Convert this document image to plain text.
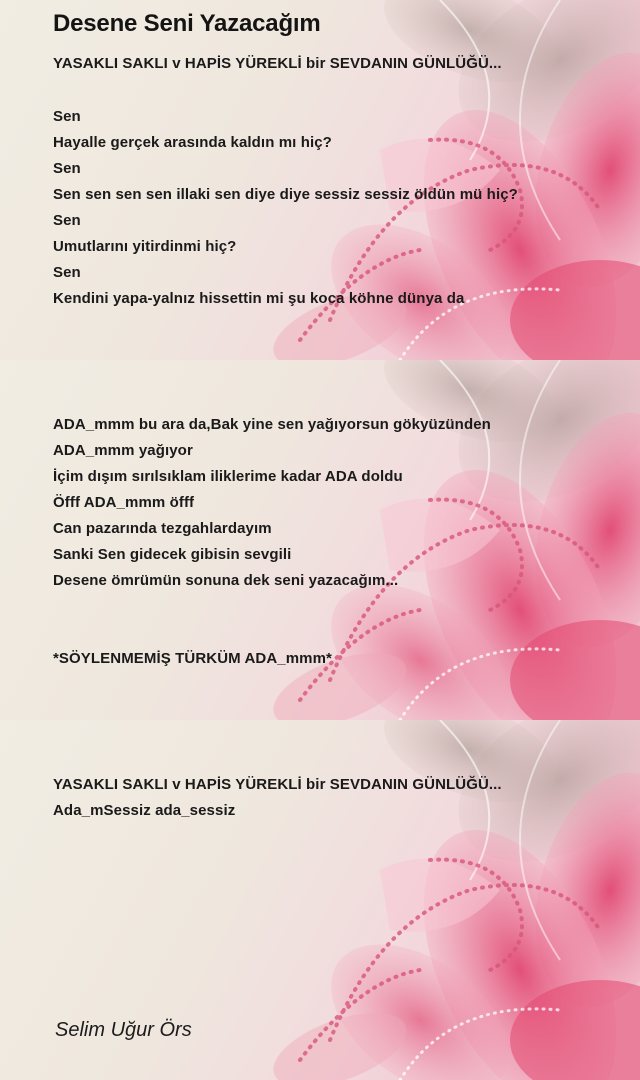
Desene Seni Yazacağım
YASAKLI SAKLI v HAPİS YÜREKLİ bir SEVDANIN GÜNLÜĞÜ...
Sen
Hayalle gerçek arasında kaldın mı hiç?
Sen
Sen sen sen sen illaki sen diye diye sessiz sessiz öldün mü hiç?
Sen
Umutlarını yitirdinmi hiç?
Sen
Kendini yapa-yalnız hissettin mi şu koca köhne dünya da
ADA_mmm bu ara da,Bak yine sen yağıyorsun gökyüzünden
ADA_mmm yağıyor
İçim dışım sırılsıklam iliklerime kadar ADA doldu
Öfff ADA_mmm öfff
Can pazarında tezgahlardayım
Sanki Sen gidecek gibisin sevgili
Desene ömrümün sonuna dek seni yazacağım...
*SÖYLENMEMİŞ TÜRKÜM ADA_mmm*
YASAKLI SAKLI v HAPİS YÜREKLİ bir SEVDANIN GÜNLÜĞÜ...
Ada_mSessiz ada_sessiz
Selim Uğur Örs
